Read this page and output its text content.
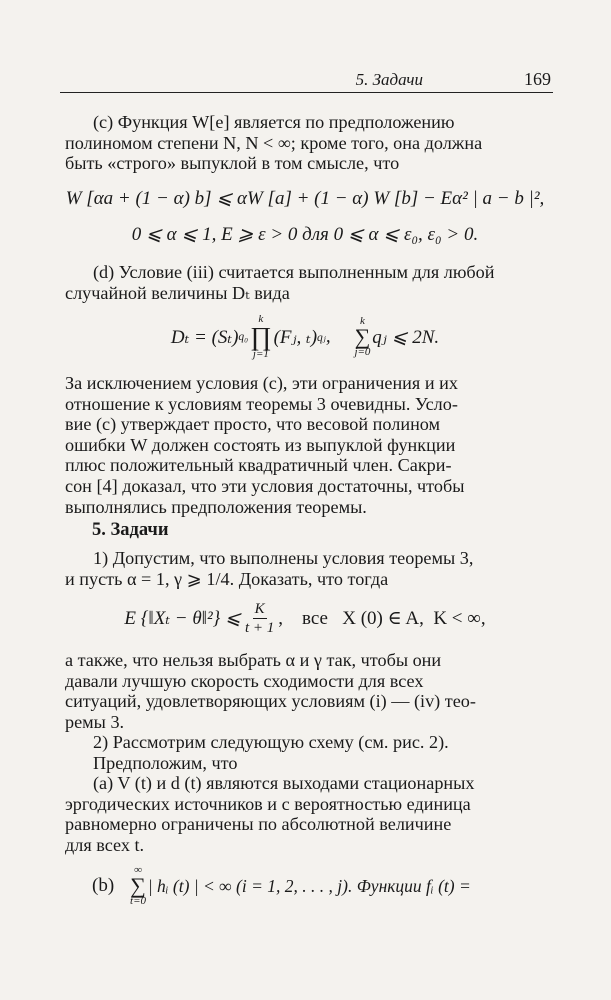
5. Задачи	169
(c) Функция W[e] является по предположению
полиномом степени N, N < ∞; кроме того, она должна
быть «строго» выпуклой в том смысле, что
W [αa + (1 − α) b] ⩽ αW [a] + (1 − α) W [b] − Eα² | a − b |²,
0 ⩽ α ⩽ 1, E ⩾ ε > 0 для 0 ⩽ α ⩽ ε₀, ε₀ > 0.
(d) Условие (iii) считается выполненным для любой
случайной величины Dₜ вида
Dₜ = (Sₜ) q₀ ∏
k
j=1
(Fⱼ, ₜ) qⱼ , ∑
k
j=0
qⱼ ⩽ 2N.
За исключением условия (c), эти ограничения и их
отношение к условиям теоремы 3 очевидны. Усло-
вие (c) утверждает просто, что весовой полином
ошибки W должен состоять из выпуклой функции
плюс положительный квадратичный член. Сакри-
сон [4] доказал, что эти условия достаточны, чтобы
выполнялись предположения теоремы.
5. Задачи
1) Допустим, что выполнены условия теоремы 3,
и пусть α = 1, γ ⩾ 1/4. Доказать, что тогда
E {‖Xₜ − θ‖²} ⩽ $\frac{K}{t + 1}$ ,    все   X (0) ∈ A,  K < ∞,
а также, что нельзя выбрать α и γ так, чтобы они
давали лучшую скорость сходимости для всех
ситуаций, удовлетворяющих условиям (i) — (iv) тео-
ремы 3.
2) Рассмотрим следующую схему (см. рис. 2).
Предположим, что
(a) V (t) и d (t) являются выходами стационарных
эргодических источников и с вероятностью единица
равномерно ограничены по абсолютной величине
для всех t.
(b) ∑
∞
t=0
| hᵢ (t) | < ∞ (i = 1, 2, . . . , j). Функции fᵢ (t) =
